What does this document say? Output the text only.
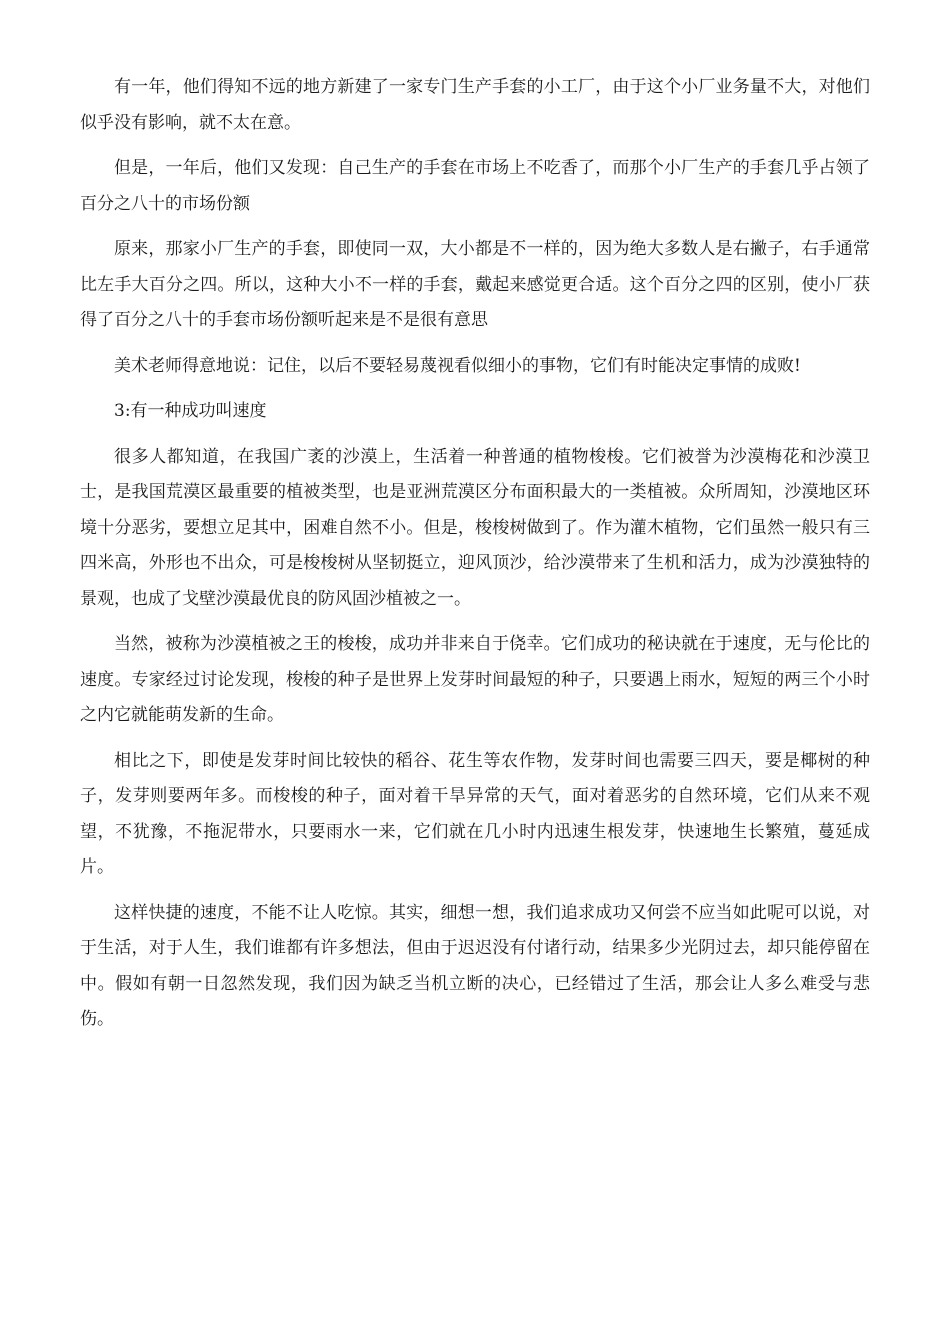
有一年，他们得知不远的地方新建了一家专门生产手套的小工厂，由于这个小厂业务量不大，对他们似乎没有影响，就不太在意。

但是，一年后，他们又发现：自己生产的手套在市场上不吃香了，而那个小厂生产的手套几乎占领了百分之八十的市场份额

原来，那家小厂生产的手套，即使同一双，大小都是不一样的，因为绝大多数人是右撇子，右手通常比左手大百分之四。所以，这种大小不一样的手套，戴起来感觉更合适。这个百分之四的区别，使小厂获得了百分之八十的手套市场份额听起来是不是很有意思

美术老师得意地说：记住，以后不要轻易蔑视看似细小的事物，它们有时能决定事情的成败!

3:有一种成功叫速度

很多人都知道，在我国广袤的沙漠上，生活着一种普通的植物梭梭。它们被誉为沙漠梅花和沙漠卫士，是我国荒漠区最重要的植被类型，也是亚洲荒漠区分布面积最大的一类植被。众所周知，沙漠地区环境十分恶劣，要想立足其中，困难自然不小。但是，梭梭树做到了。作为灌木植物，它们虽然一般只有三四米高，外形也不出众，可是梭梭树从坚韧挺立，迎风顶沙，给沙漠带来了生机和活力，成为沙漠独特的景观，也成了戈壁沙漠最优良的防风固沙植被之一。

当然，被称为沙漠植被之王的梭梭，成功并非来自于侥幸。它们成功的秘诀就在于速度，无与伦比的速度。专家经过讨论发现，梭梭的种子是世界上发芽时间最短的种子，只要遇上雨水，短短的两三个小时之内它就能萌发新的生命。

相比之下，即使是发芽时间比较快的稻谷、花生等农作物，发芽时间也需要三四天，要是椰树的种子，发芽则要两年多。而梭梭的种子，面对着干旱异常的天气，面对着恶劣的自然环境，它们从来不观望，不犹豫，不拖泥带水，只要雨水一来，它们就在几小时内迅速生根发芽，快速地生长繁殖，蔓延成片。

这样快捷的速度，不能不让人吃惊。其实，细想一想，我们追求成功又何尝不应当如此呢可以说，对于生活，对于人生，我们谁都有许多想法，但由于迟迟没有付诸行动，结果多少光阴过去，却只能停留在中。假如有朝一日忽然发现，我们因为缺乏当机立断的决心，已经错过了生活，那会让人多么难受与悲伤。
